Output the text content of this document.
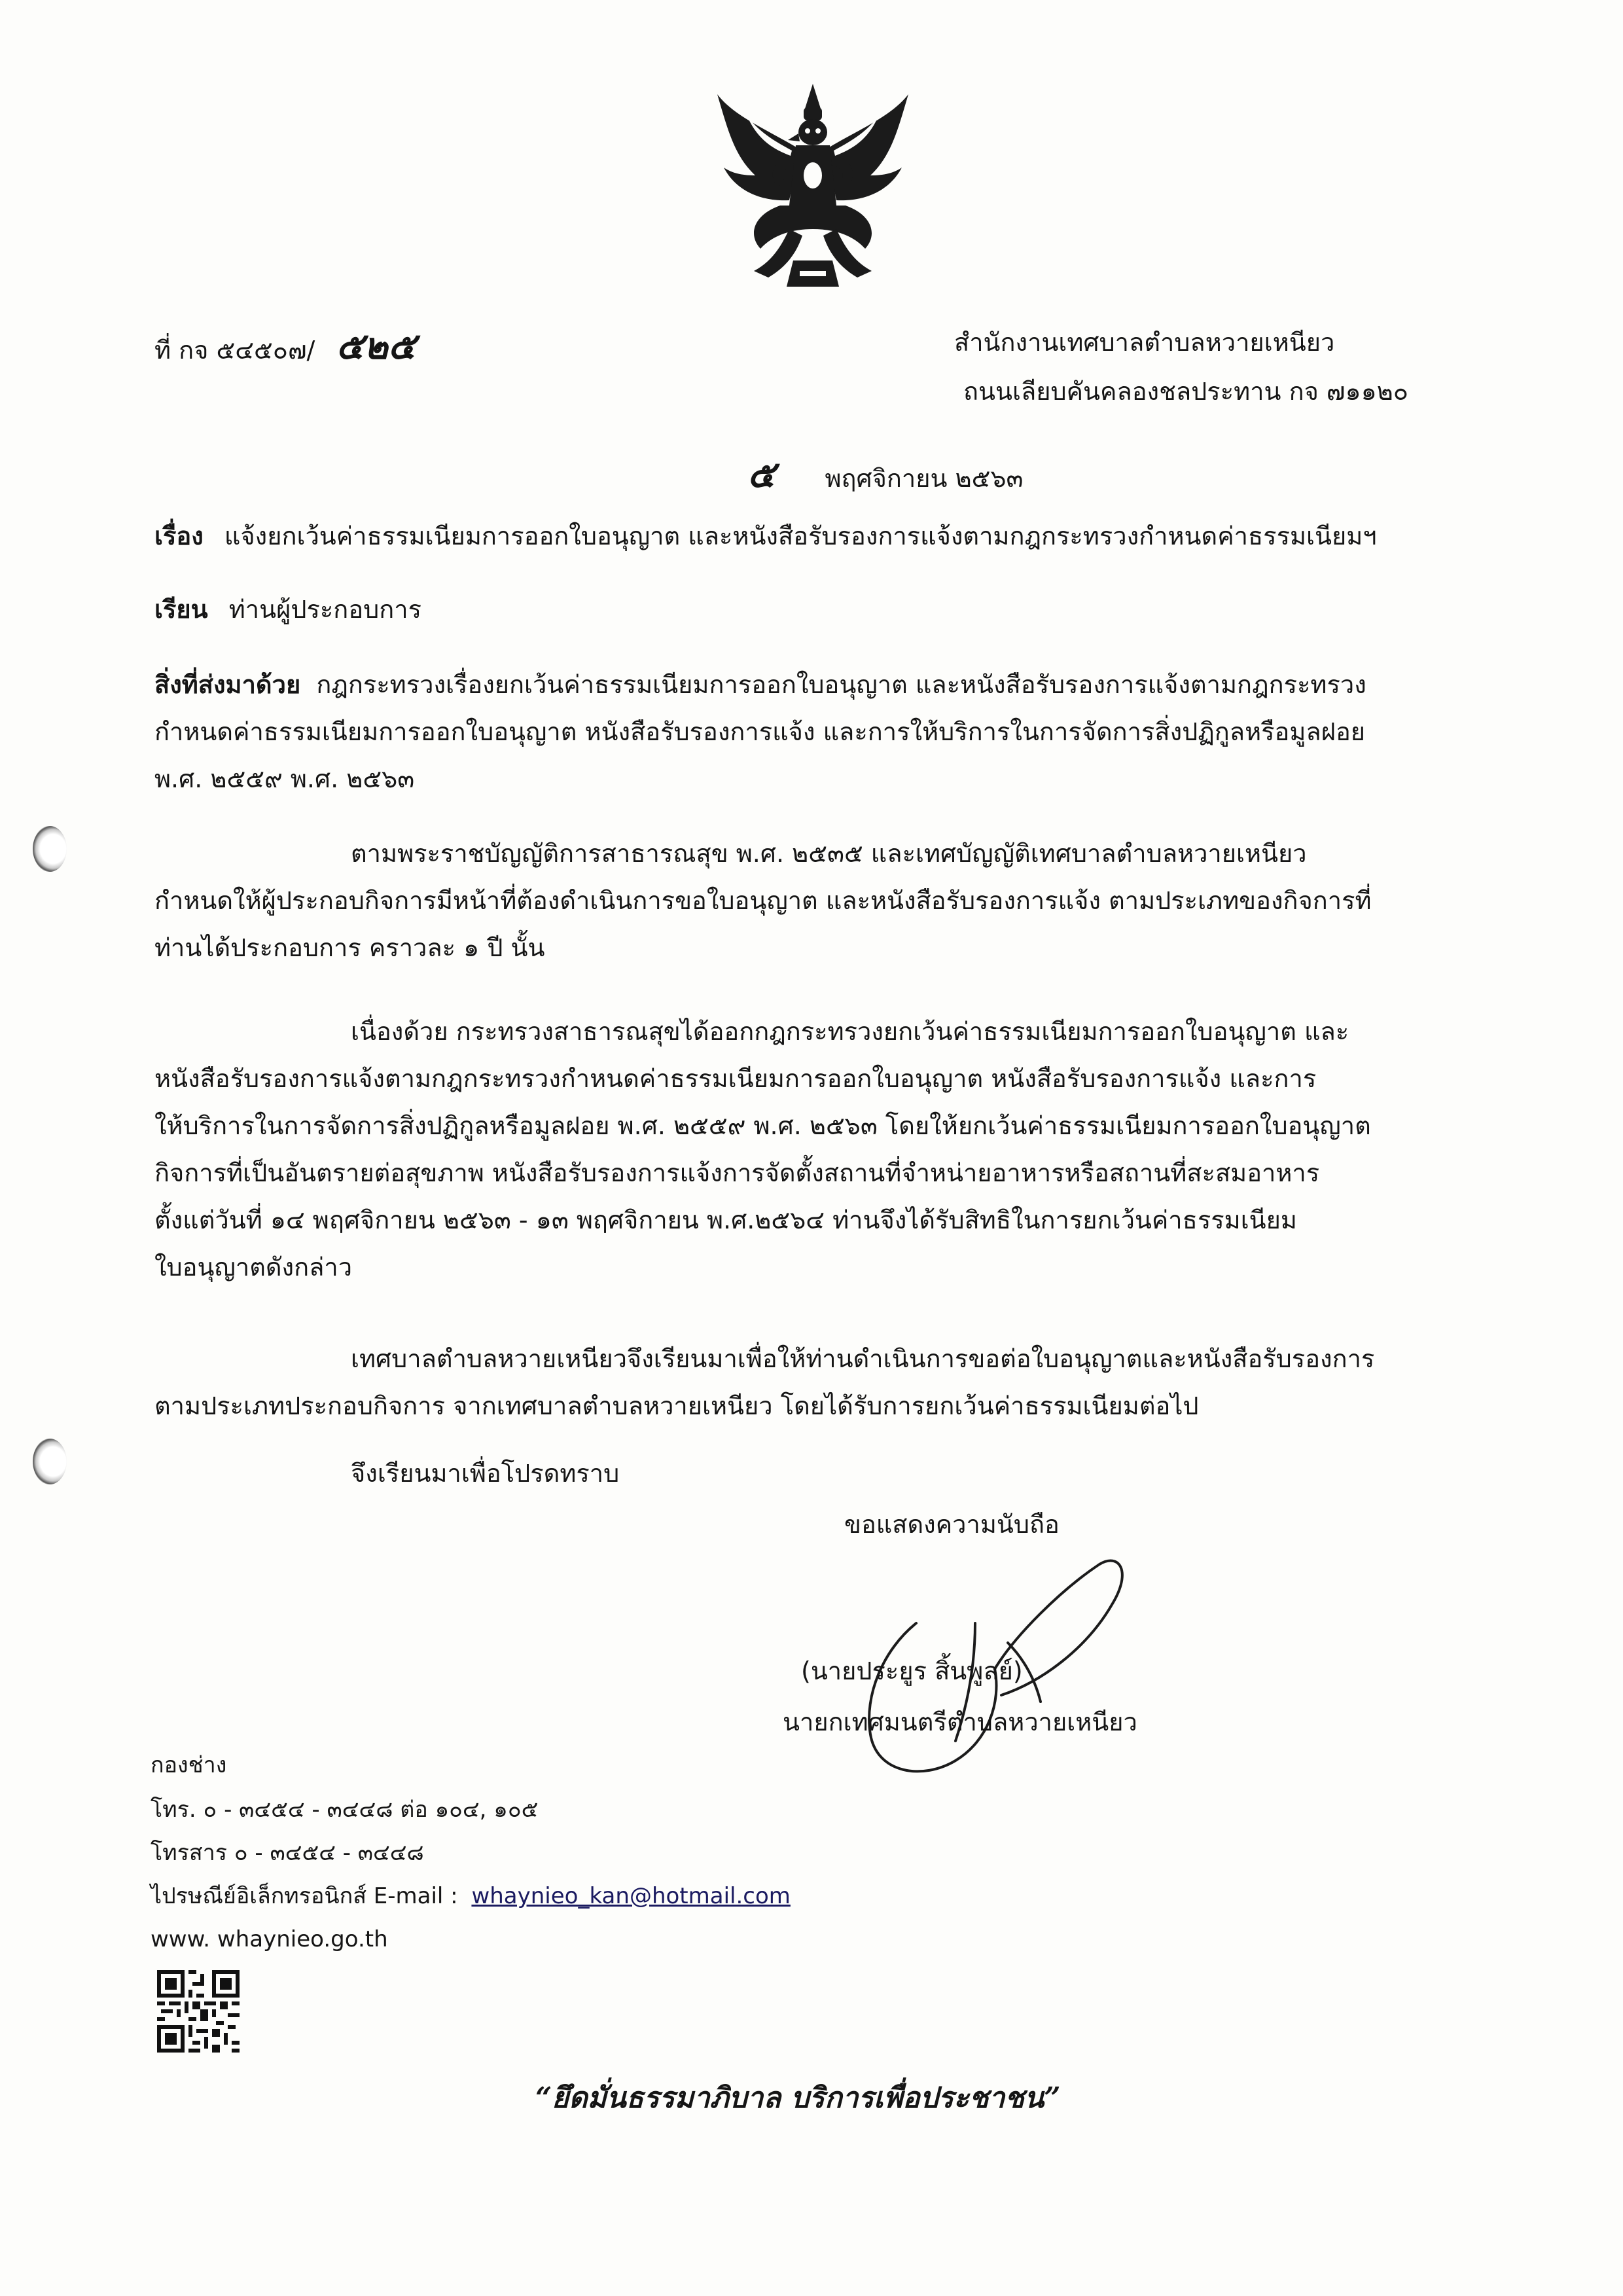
ที่ กจ ๕๔๕๐๗/ ๕๒๕	สำนักงานเทศบาลตำบลหวายเหนียว
ถนนเลียบคันคลองชลประทาน กจ ๗๑๑๒๐
๕ พฤศจิกายน ๒๕๖๓
เรื่อง แจ้งยกเว้นค่าธรรมเนียมการออกใบอนุญาต และหนังสือรับรองการแจ้งตามกฎกระทรวงกำหนดค่าธรรมเนียมฯ
เรียน ท่านผู้ประกอบการ
สิ่งที่ส่งมาด้วย กฎกระทรวงเรื่องยกเว้นค่าธรรมเนียมการออกใบอนุญาต และหนังสือรับรองการแจ้งตามกฎกระทรวง
กำหนดค่าธรรมเนียมการออกใบอนุญาต หนังสือรับรองการแจ้ง และการให้บริการในการจัดการสิ่งปฏิกูลหรือมูลฝอย
พ.ศ. ๒๕๕๙ พ.ศ. ๒๕๖๓
ตามพระราชบัญญัติการสาธารณสุข พ.ศ. ๒๕๓๕ และเทศบัญญัติเทศบาลตำบลหวายเหนียว
กำหนดให้ผู้ประกอบกิจการมีหน้าที่ต้องดำเนินการขอใบอนุญาต และหนังสือรับรองการแจ้ง ตามประเภทของกิจการที่
ท่านได้ประกอบการ คราวละ ๑ ปี นั้น
เนื่องด้วย กระทรวงสาธารณสุขได้ออกกฎกระทรวงยกเว้นค่าธรรมเนียมการออกใบอนุญาต และ
หนังสือรับรองการแจ้งตามกฎกระทรวงกำหนดค่าธรรมเนียมการออกใบอนุญาต หนังสือรับรองการแจ้ง และการ
ให้บริการในการจัดการสิ่งปฏิกูลหรือมูลฝอย พ.ศ. ๒๕๕๙ พ.ศ. ๒๕๖๓ โดยให้ยกเว้นค่าธรรมเนียมการออกใบอนุญาต
กิจการที่เป็นอันตรายต่อสุขภาพ หนังสือรับรองการแจ้งการจัดตั้งสถานที่จำหน่ายอาหารหรือสถานที่สะสมอาหาร
ตั้งแต่วันที่ ๑๔ พฤศจิกายน ๒๕๖๓ - ๑๓ พฤศจิกายน พ.ศ.๒๕๖๔ ท่านจึงได้รับสิทธิในการยกเว้นค่าธรรมเนียม
ใบอนุญาตดังกล่าว
เทศบาลตำบลหวายเหนียวจึงเรียนมาเพื่อให้ท่านดำเนินการขอต่อใบอนุญาตและหนังสือรับรองการ
ตามประเภทประกอบกิจการ จากเทศบาลตำบลหวายเหนียว โดยได้รับการยกเว้นค่าธรรมเนียมต่อไป
จึงเรียนมาเพื่อโปรดทราบ
ขอแสดงความนับถือ
(นายประยูร สิ้นพูลย์)
นายกเทศมนตรีตำบลหวายเหนียว
กองช่าง
โทร. ๐ - ๓๔๕๔ - ๓๔๔๘ ต่อ ๑๐๔, ๑๐๕
โทรสาร ๐ - ๓๔๕๔ - ๓๔๔๘
ไปรษณีย์อิเล็กทรอนิกส์ E-mail : whaynieo_kan@hotmail.com
www. whaynieo.go.th
“ยึดมั่นธรรมาภิบาล บริการเพื่อประชาชน”
